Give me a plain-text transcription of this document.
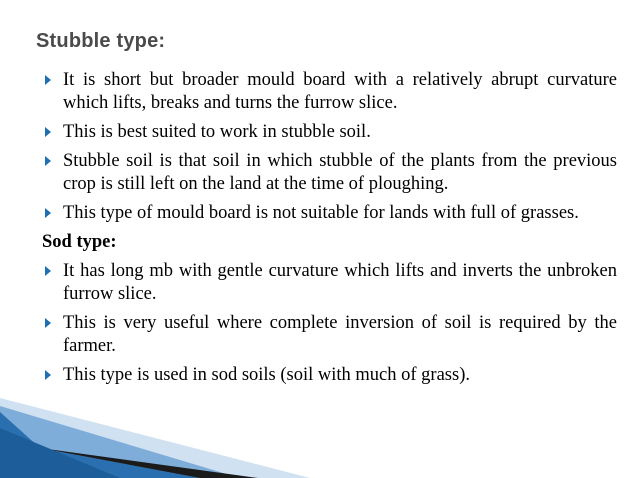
Stubble type:
It is short but broader mould board with a relatively abrupt curvature which lifts, breaks and turns the furrow slice.
This is best suited to work in stubble soil.
Stubble soil is that soil in which stubble of the plants from the previous crop is still left on the land at the time of ploughing.
This type of mould board is not suitable for lands with full of grasses.
Sod type:
It has long mb with gentle curvature which lifts and inverts the unbroken furrow slice.
This is very useful where complete inversion of soil is required by the farmer.
This type is used in sod soils (soil with much of grass).
